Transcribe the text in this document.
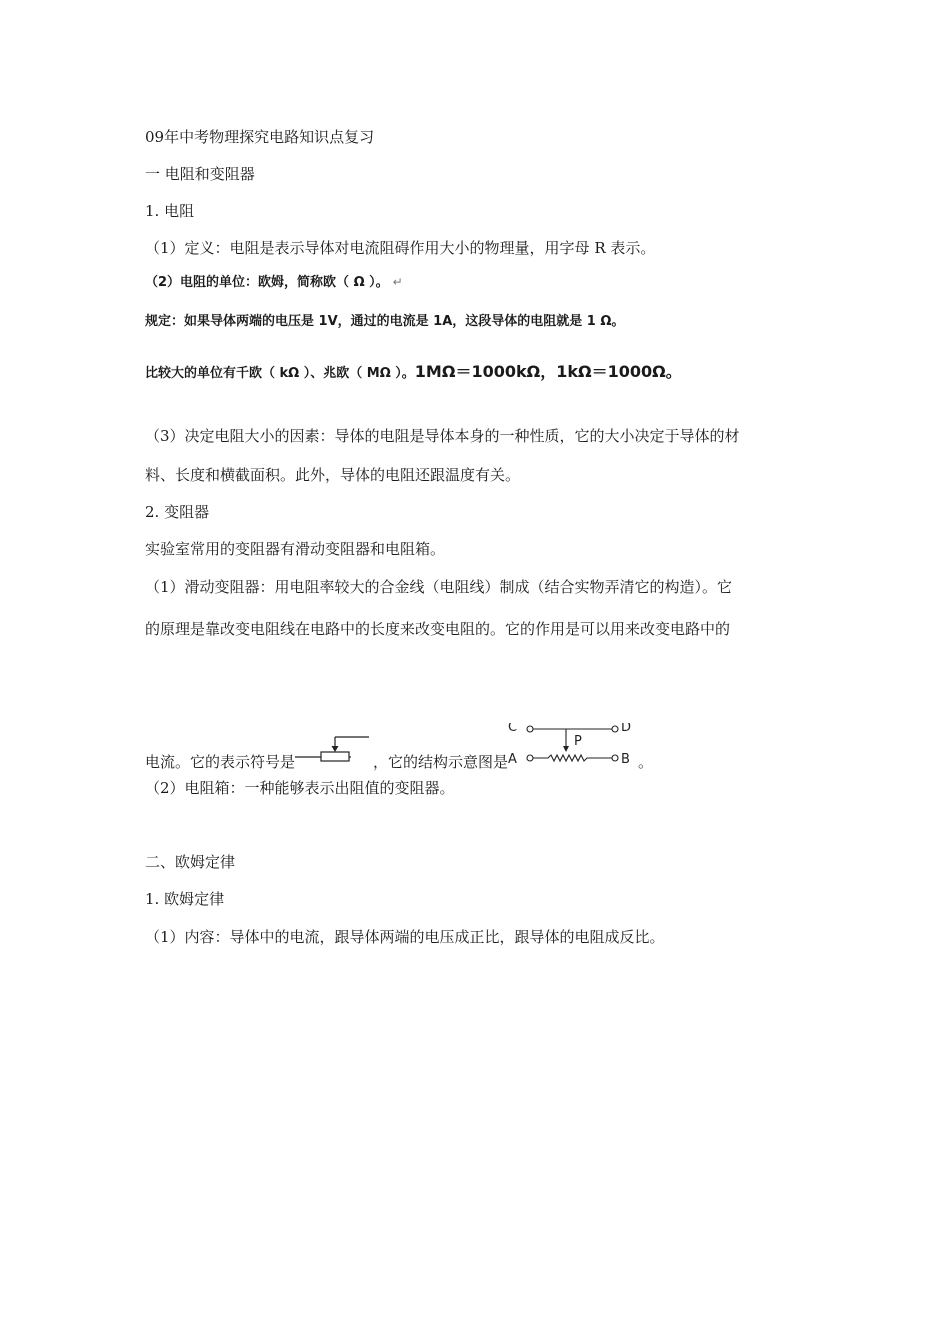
09年中考物理探究电路知识点复习

一 电阻和变阻器

1. 电阻

（1）定义：电阻是表示导体对电流阻碍作用大小的物理量，用字母 R 表示。

（2）电阻的单位：欧姆，简称欧（ Ω ）。 ↵

规定：如果导体两端的电压是 1V，通过的电流是 1A，这段导体的电阻就是 1 Ω。

比较大的单位有千欧（ kΩ ）、兆欧（ MΩ ）。1MΩ＝1000kΩ，1kΩ＝1000Ω。

（3）决定电阻大小的因素：导体的电阻是导体本身的一种性质，它的大小决定于导体的材

料、长度和横截面积。此外，导体的电阻还跟温度有关。

2. 变阻器

实验室常用的变阻器有滑动变阻器和电阻箱。

（1）滑动变阻器：用电阻率较大的合金线（电阻线）制成（结合实物弄清它的构造）。它

的原理是靠改变电阻线在电路中的长度来改变电阻的。它的作用是可以用来改变电路中的

电流。它的表示符号是	，它的结构示意图是
C	D
P
A	B 。

（2）电阻箱：一种能够表示出阻值的变阻器。

二、欧姆定律

1. 欧姆定律

（1）内容：导体中的电流，跟导体两端的电压成正比，跟导体的电阻成反比。
